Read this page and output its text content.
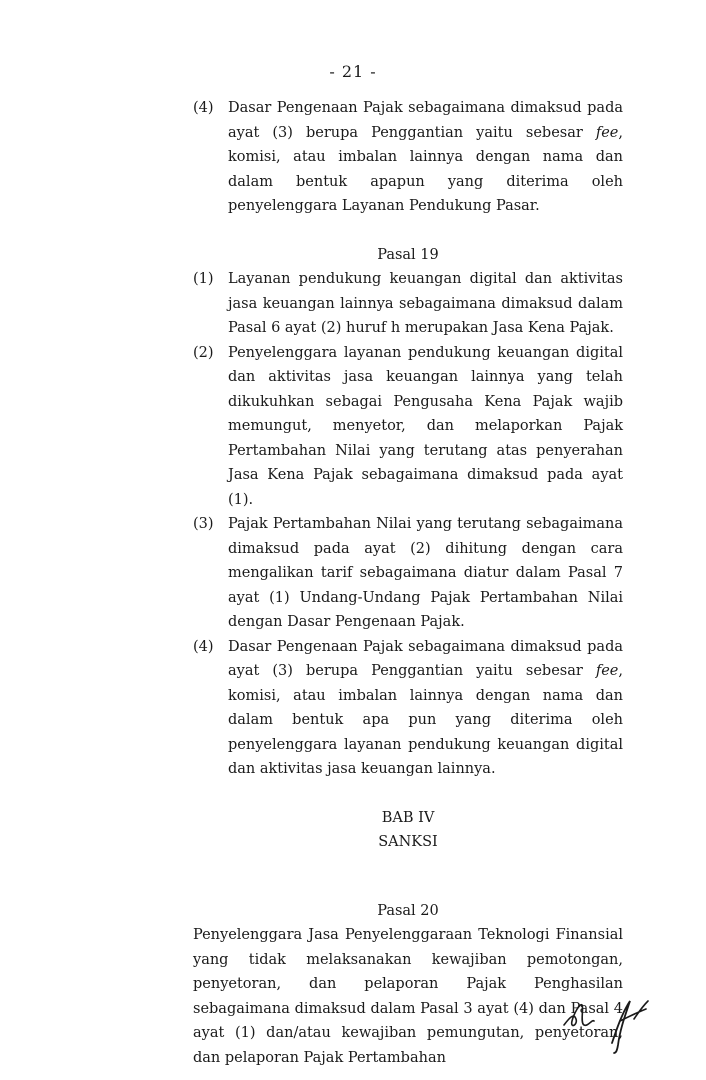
- 21 -
(4) Dasar Pengenaan Pajak sebagaimana dimaksud pada ayat (3) berupa Penggantian yaitu sebesar fee, komisi, atau imbalan lainnya dengan nama dan dalam bentuk apapun yang diterima oleh penyelenggara Layanan Pendukung Pasar.
Pasal 19
(1) Layanan pendukung keuangan digital dan aktivitas jasa keuangan lainnya sebagaimana dimaksud dalam Pasal 6 ayat (2) huruf h merupakan Jasa Kena Pajak.
(2) Penyelenggara layanan pendukung keuangan digital dan aktivitas jasa keuangan lainnya yang telah dikukuhkan sebagai Pengusaha Kena Pajak wajib memungut, menyetor, dan melaporkan Pajak Pertambahan Nilai yang terutang atas penyerahan Jasa Kena Pajak sebagaimana dimaksud pada ayat (1).
(3) Pajak Pertambahan Nilai yang terutang sebagaimana dimaksud pada ayat (2) dihitung dengan cara mengalikan tarif sebagaimana diatur dalam Pasal 7 ayat (1) Undang-Undang Pajak Pertambahan Nilai dengan Dasar Pengenaan Pajak.
(4) Dasar Pengenaan Pajak sebagaimana dimaksud pada ayat (3) berupa Penggantian yaitu sebesar fee, komisi, atau imbalan lainnya dengan nama dan dalam bentuk apa pun yang diterima oleh penyelenggara layanan pendukung keuangan digital dan aktivitas jasa keuangan lainnya.
BAB IV
SANKSI
Pasal 20

Penyelenggara Jasa Penyelenggaraan Teknologi Finansial yang tidak melaksanakan kewajiban pemotongan, penyetoran, dan pelaporan Pajak Penghasilan sebagaimana dimaksud dalam Pasal 3 ayat (4) dan Pasal 4 ayat (1) dan/atau kewajiban pemungutan, penyetoran, dan pelaporan Pajak Pertambahan
